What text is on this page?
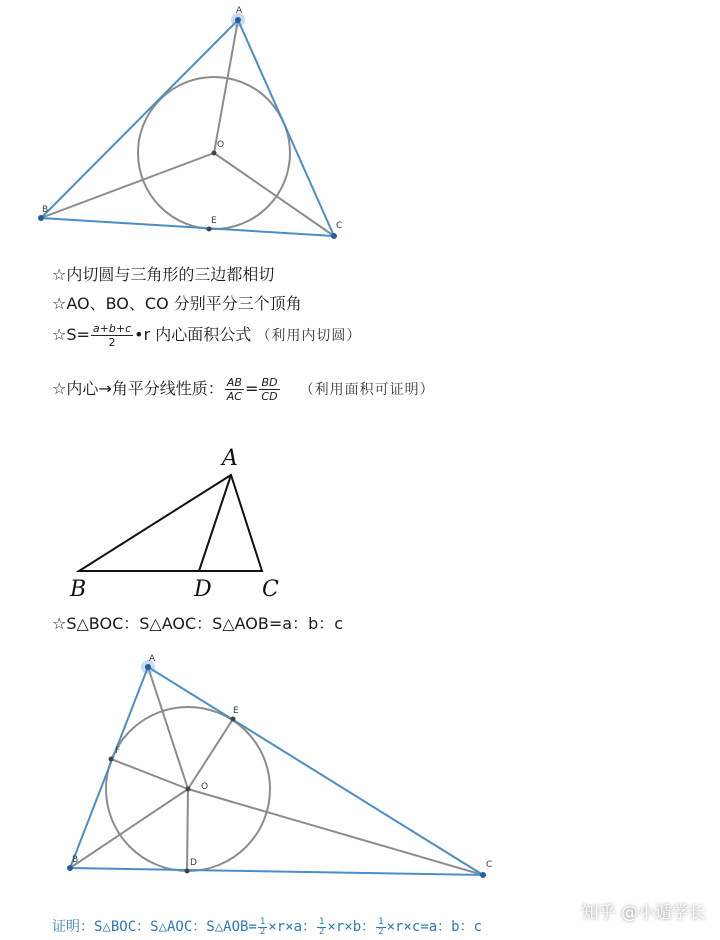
A
B
C
O
E
☆内切圆与三角形的三边都相切
☆AO、BO、CO 分别平分三个顶角
☆S= $\frac{a+b+c}{2}$ •r 内心面积公式 （利用内切圆）
☆内心→角平分线性质： $\frac{AB}{AC} = \frac{BD}{CD}$ （利用面积可证明）
A
B	D C
☆S△BOC：S△AOC：S△AOB=a：b：c
A
E
F
O
B	D	C
证明：S△BOC：S△AOC：S△AOB= $\frac{1}{2} \times r\times a$： $\frac{1}{2} \times r\times b$： $\frac{1}{2} \times r\times c=a$：b：c
知乎 @小遁学长
